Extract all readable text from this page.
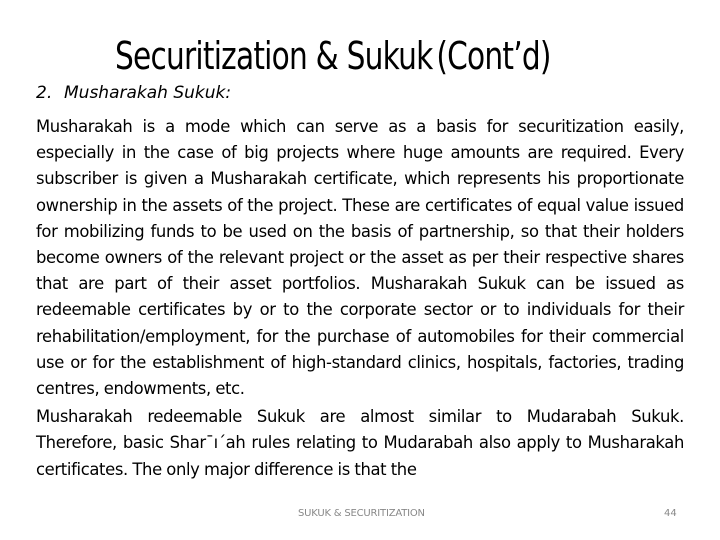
Securitization & Sukuk (Cont’d)
2. Musharakah Sukuk:

Musharakah is a mode which can serve as a basis for securitization easily, especially in the case of big projects where huge amounts are required. Every subscriber is given a Musharakah certificate, which represents his proportionate ownership in the assets of the project. These are certificates of equal value issued for mobilizing funds to be used on the basis of partnership, so that their holders become owners of the relevant project or the asset as per their respective shares that are part of their asset portfolios. Musharakah Sukuk can be issued as redeemable certificates by or to the corporate sector or to individuals for their rehabilitation/employment, for the purchase of automobiles for their commercial use or for the establishment of high-standard clinics, hospitals, factories, trading centres, endowments, etc.

Musharakah redeemable Sukuk are almost similar to Mudarabah Sukuk. Therefore, basic Shar¯ı´ah rules relating to Mudarabah also apply to Musharakah certificates. The only major difference is that the

SUKUK & SECURITIZATION	44
